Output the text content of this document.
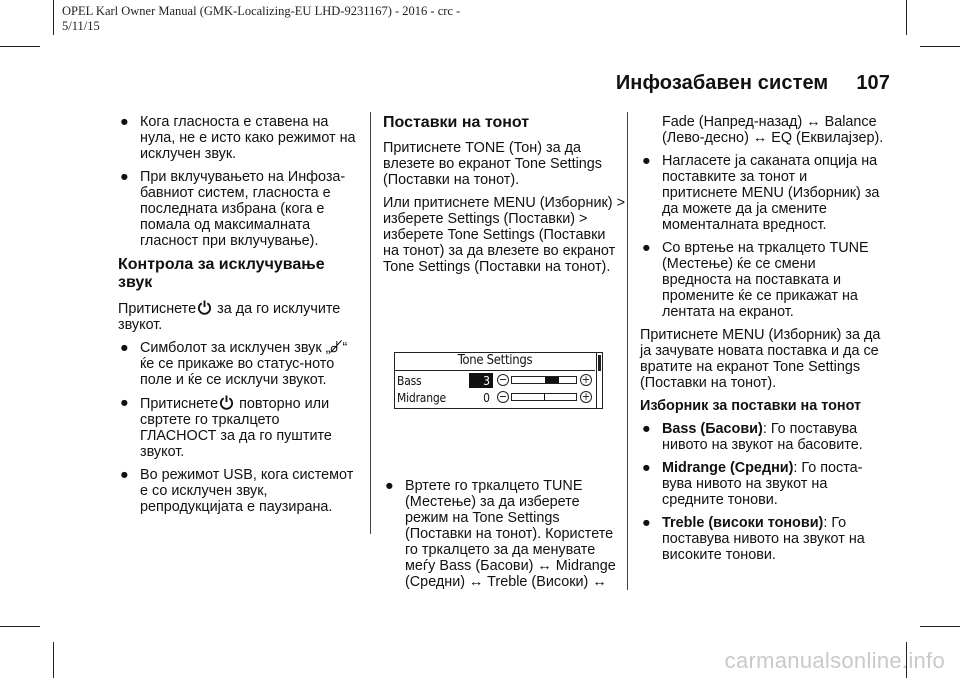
OPEL Karl Owner Manual (GMK-Localizing-EU LHD-9231167) - 2016 - crc -
5/11/15
Инфозабавен систем 107
● Кога гласноста е ставена на нула, не е исто како режимот на исклучен звук.
● При вклучувањето на Инфоза-бавниот систем, гласноста е последната избрана (кога е помала од максималната гласност при вклучување).
Контрола за исклучување звук

Притиснете за да го исклучите звукот.

● Симболот за исклучен звук „ “ ќе се прикаже во статус-ното поле и ќе се исклучи звукот.
● Притиснете повторно или свртете го тркалцето ГЛАСНОСТ за да го пуштите звукот.
● Во режимот USB, кога системот е со исклучен звук, репродукцијата е паузирана.
Поставки на тонот

Притиснете TONE (Тон) за да влезете во екранот Tone Settings (Поставки на тонот).

Или притиснете MENU (Изборник) > изберете Settings (Поставки) > изберете Tone Settings (Поставки на тонот) за да влезете во екранот Tone Settings (Поставки на тонот).

Tone Settings
Bass	3 −	+
Midrange	0 −	+
● Вртете го тркалцето TUNE (Местење) за да изберете режим на Tone Settings (Поставки на тонот). Користете го тркалцето за да менувате меѓу Bass (Басови) ↔ Midrange (Средни) ↔ Treble (Високи) ↔

Fade (Напред-назад) ↔ Balance (Лево-десно) ↔ EQ (Еквилајзер).

● Нагласете ја саканата опција на поставките за тонот и притиснете MENU (Изборник) за да можете да ја смените моменталната вредност.
● Со вртење на тркалцето TUNE (Местење) ќе се смени вредноста на поставката и промените ќе се прикажат на лентата на екранот.

Притиснете MENU (Изборник) за да ја зачувате новата поставка и да се вратите на екранот Tone Settings (Поставки на тонот).

Изборник за поставки на тонот
● Bass (Басови): Го поставува нивото на звукот на басовите.
● Midrange (Средни): Го поста-вува нивото на звукот на средните тонови.
● Treble (високи тонови): Го поставува нивото на звукот на високите тонови.
carmanualsonline.info
